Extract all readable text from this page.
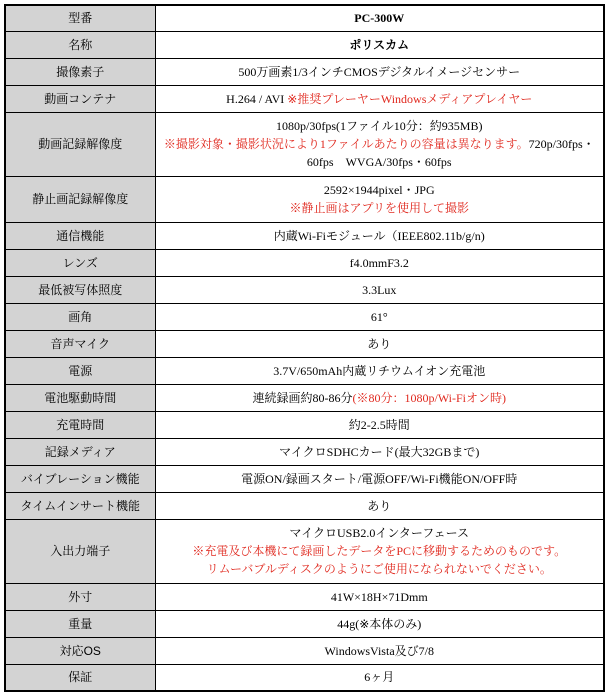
型番	PC-300W
名称	ポリスカム
撮像素子	500万画素1/3インチCMOSデジタルイメージセンサー
動画コンテナ	H.264 / AVI ※推奨プレーヤーWindowsメディアプレイヤー
動画記録解像度	1080p/30fps(1ファイル10分：約935MB)
※撮影対象・撮影状況により1ファイルあたりの容量は異なります。720p/30fps・
60fps　WVGA/30fps・60fps

静止画記録解像度	2592×1944pixel・JPG
※静止画はアプリを使用して撮影

通信機能	内蔵Wi-Fiモジュール（IEEE802.11b/g/n)
レンズ	f4.0mmF3.2
最低被写体照度	3.3Lux
画角	61°
音声マイク	あり
電源	3.7V/650mAh内蔵リチウムイオン充電池
電池駆動時間	連続録画約80-86分(※80分：1080p/Wi-Fiオン時)
充電時間	約2-2.5時間
記録メディア	マイクロSDHCカード(最大32GBまで)
バイブレーション機能	電源ON/録画スタート/電源OFF/Wi-Fi機能ON/OFF時
タイムインサート機能	あり
入出力端子	マイクロUSB2.0インターフェース
※充電及び本機にて録画したデータをPCに移動するためのものです。
リムーバブルディスクのようにご使用になられないでください。

外寸	41W×18H×71Dmm
重量	44g(※本体のみ)
対応OS	WindowsVista及び7/8
保証	6ヶ月
